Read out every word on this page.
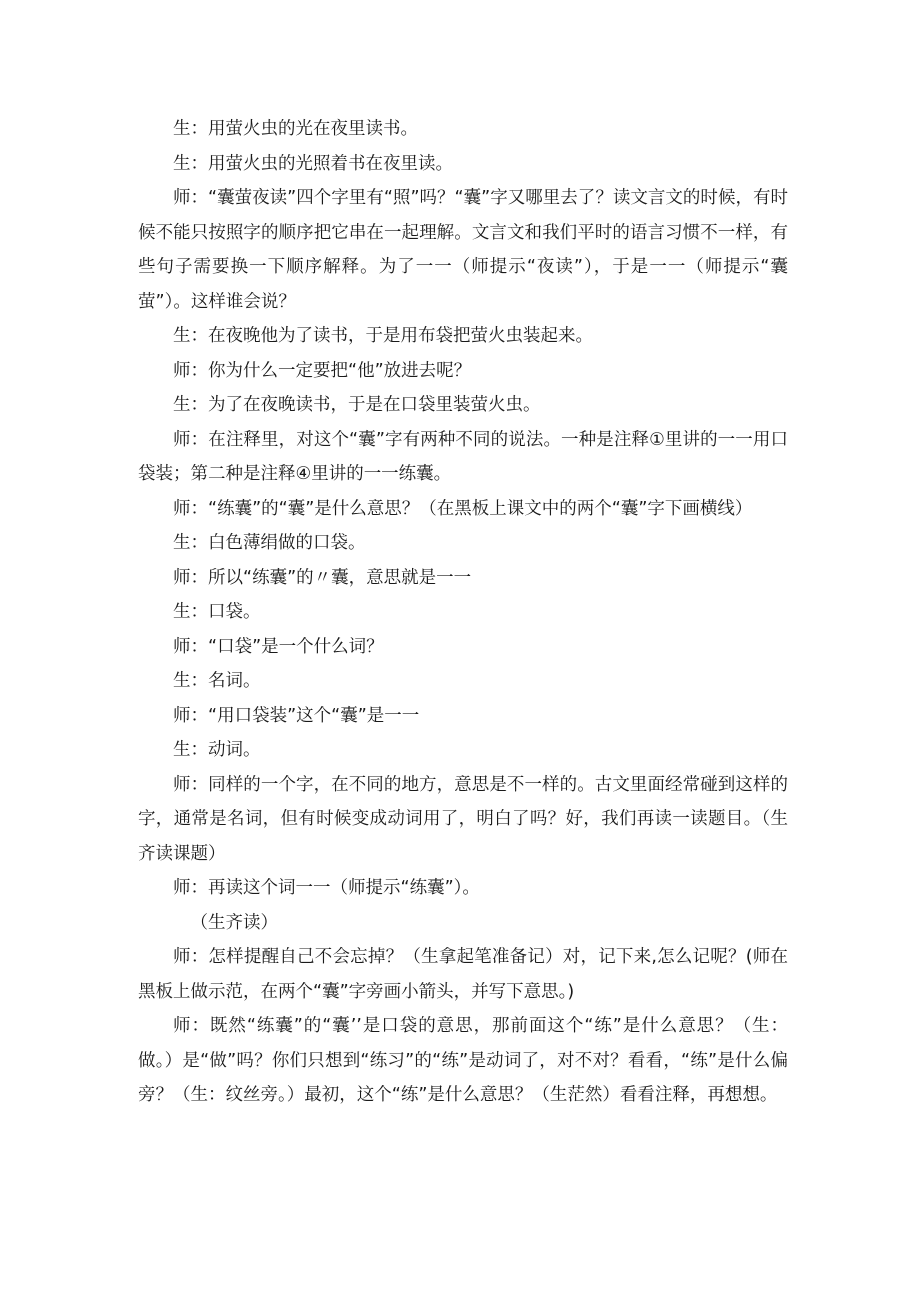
生：用萤火虫的光在夜里读书。

生：用萤火虫的光照着书在夜里读。

师：“囊萤夜读”四个字里有“照”吗？“囊”字又哪里去了？读文言文的时候，有时候不能只按照字的顺序把它串在一起理解。文言文和我们平时的语言习惯不一样，有些句子需要换一下顺序解释。为了一一（师提示“夜读”），于是一一（师提示“囊萤”）。这样谁会说？

生：在夜晚他为了读书，于是用布袋把萤火虫装起来。

师：你为什么一定要把“他”放进去呢？

生：为了在夜晚读书，于是在口袋里装萤火虫。

师：在注释里，对这个“囊”字有两种不同的说法。一种是注释①里讲的一一用口袋装；第二种是注释④里讲的一一练囊。

师：“练囊”的“囊”是什么意思？（在黑板上课文中的两个“囊”字下画横线）

生：白色薄绢做的口袋。

师：所以“练囊”的〃囊，意思就是一一

生：口袋。

师：“口袋”是一个什么词？

生：名词。

师：“用口袋装”这个“囊”是一一

生：动词。

师：同样的一个字，在不同的地方，意思是不一样的。古文里面经常碰到这样的字，通常是名词，但有时候变成动词用了，明白了吗？好，我们再读一读题目。（生齐读课题）

师：再读这个词一一（师提示“练囊”）。

（生齐读）

师：怎样提醒自己不会忘掉？（生拿起笔准备记）对，记下来,怎么记呢？(师在黑板上做示范，在两个“囊”字旁画小箭头，并写下意思。)

师：既然“练囊”的“囊’’是口袋的意思，那前面这个“练”是什么意思？（生：做。）是“做”吗？你们只想到“练习”的“练”是动词了，对不对？看看，“练”是什么偏旁？（生：纹丝旁。）最初，这个“练”是什么意思？（生茫然）看看注释，再想想。
